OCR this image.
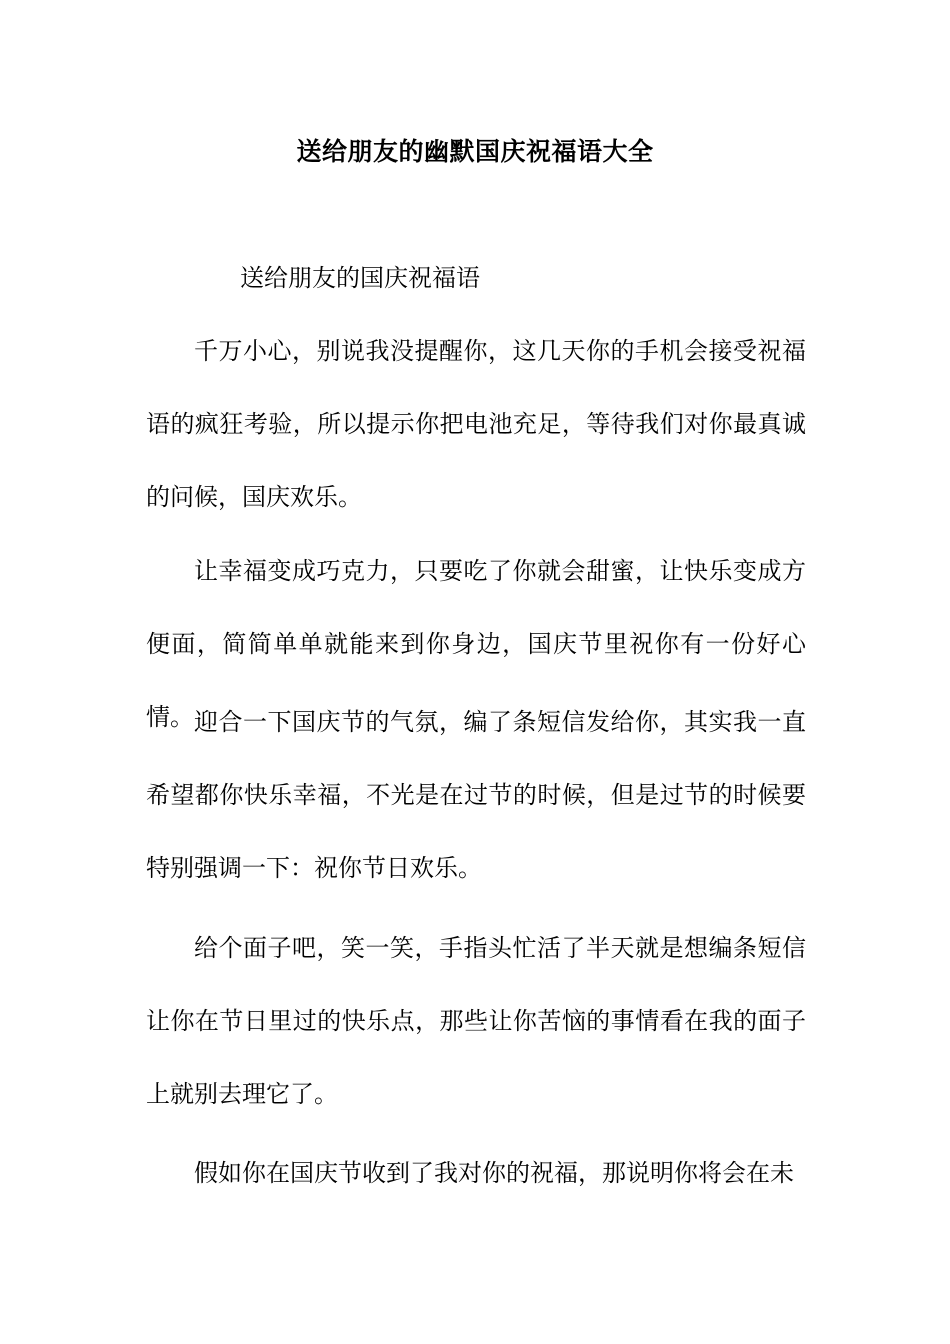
送给朋友的幽默国庆祝福语大全
送给朋友的国庆祝福语
千万小心，别说我没提醒你，这几天你的手机会接受祝福语的疯狂考验，所以提示你把电池充足，等待我们对你最真诚的问候，国庆欢乐。
让幸福变成巧克力，只要吃了你就会甜蜜，让快乐变成方便面，简简单单就能来到你身边，国庆节里祝你有一份好心情。 迎合一下国庆节的气氛，编了条短信发给你，其实我一直希望都你快乐幸福，不光是在过节的时候，但是过节的时候要特别强调一下：祝你节日欢乐。
给个面子吧，笑一笑，手指头忙活了半天就是想编条短信让你在节日里过的快乐点，那些让你苦恼的事情看在我的面子上就别去理它了。
假如你在国庆节收到了我对你的祝福，那说明你将会在未
